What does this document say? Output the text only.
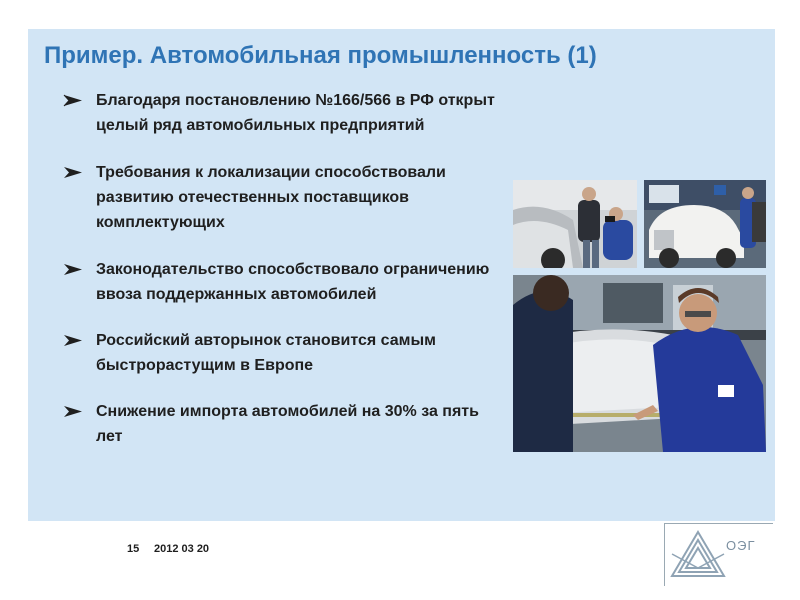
Пример. Автомобильная промышленность (1)
Благодаря постановлению №166/566 в РФ открыт целый ряд автомобильных предприятий
Требования к локализации способствовали развитию отечественных поставщиков комплектующих
Законодательство способствовало ограничению ввоза поддержанных автомобилей
Российский авторынок становится самым быстрорастущим в Европе
Снижение импорта автомобилей на 30% за пять лет
15 2012 03 20	ОЭГ
